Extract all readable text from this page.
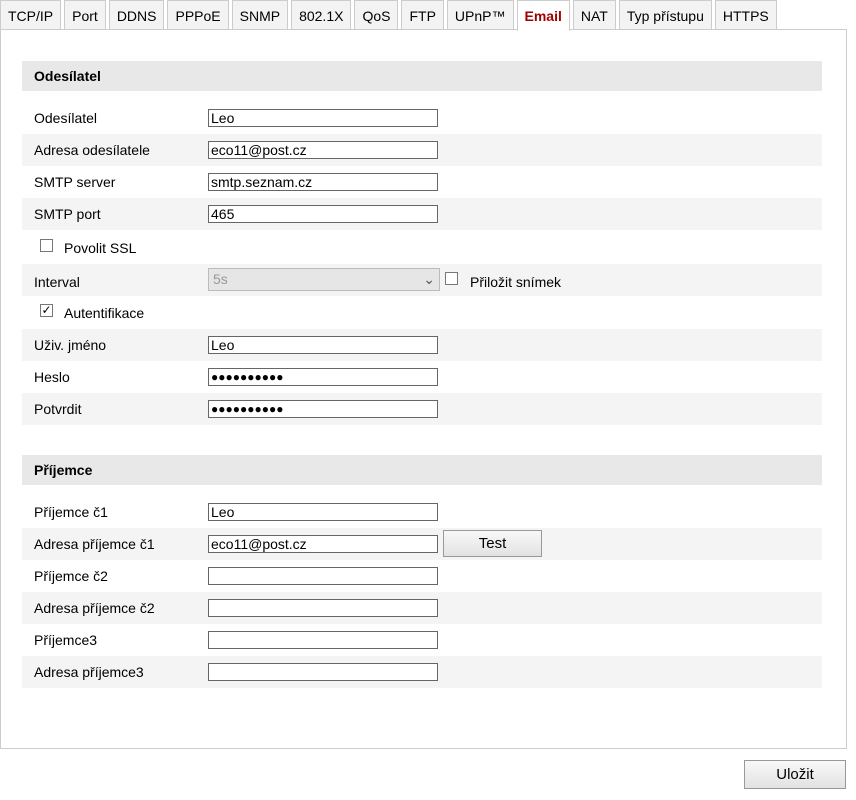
TCP/IP	Port	DDNS	PPPoE	SNMP	802.1X	QoS	FTP	UPnP™	Email	NAT	Typ přístupu	HTTPS
Odesílatel
Odesílatel	Leo
Adresa odesílatele	eco11@post.cz
SMTP server	smtp.seznam.cz
SMTP port	465
Povolit SSL
Interval	5s	⌄	Přiložit snímek
✓ Autentifikace
Uživ. jméno	Leo
Heslo	●●●●●●●●●●
Potvrdit	●●●●●●●●●●
Příjemce
Příjemce č1	Leo
Adresa příjemce č1	eco11@post.cz	Test
Příjemce č2
Adresa příjemce č2
Příjemce3
Adresa příjemce3
Uložit
